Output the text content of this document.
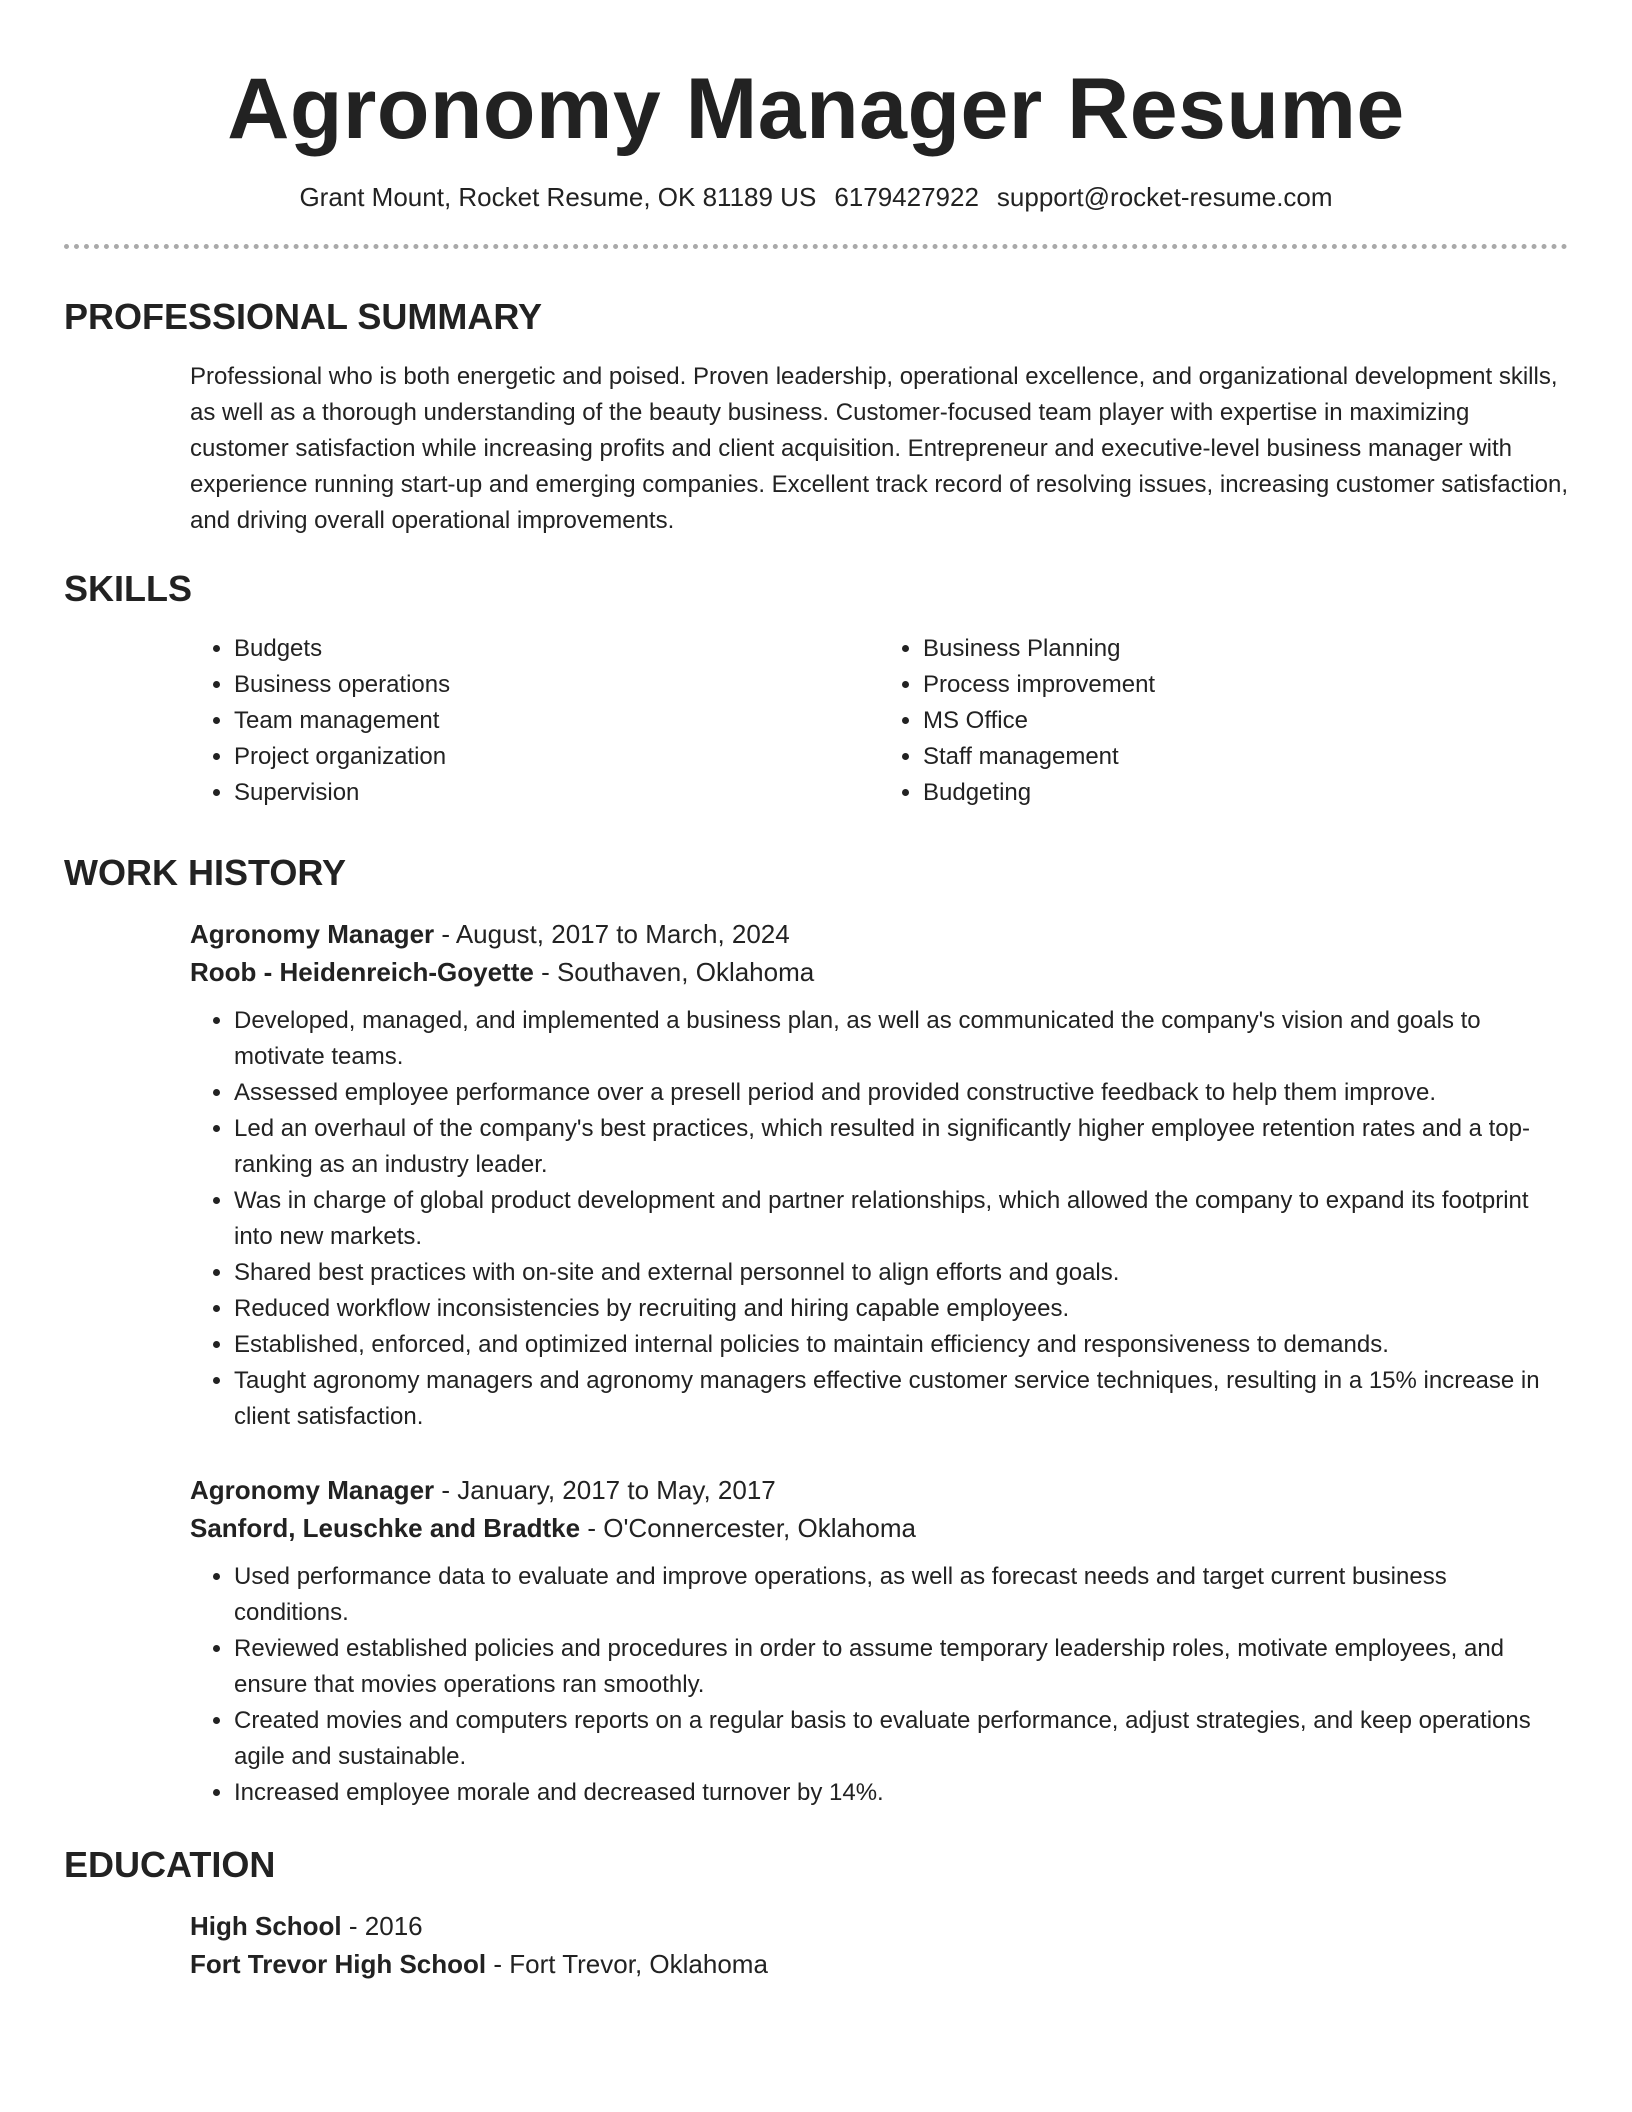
Agronomy Manager Resume
Grant Mount, Rocket Resume, OK 81189 US 6179427922 support@rocket-resume.com
PROFESSIONAL SUMMARY
Professional who is both energetic and poised. Proven leadership, operational excellence, and organizational development skills, as well as a thorough understanding of the beauty business. Customer-focused team player with expertise in maximizing customer satisfaction while increasing profits and client acquisition. Entrepreneur and executive-level business manager with experience running start-up and emerging companies. Excellent track record of resolving issues, increasing customer satisfaction, and driving overall operational improvements.
SKILLS
• Budgets
• Business operations
• Team management
• Project organization
• Supervision
• Business Planning
• Process improvement
• MS Office
• Staff management
• Budgeting
WORK HISTORY
Agronomy Manager - August, 2017 to March, 2024
Roob - Heidenreich-Goyette - Southaven, Oklahoma
• Developed, managed, and implemented a business plan, as well as communicated the company's vision and goals to motivate teams.
• Assessed employee performance over a presell period and provided constructive feedback to help them improve.
• Led an overhaul of the company's best practices, which resulted in significantly higher employee retention rates and a top-ranking as an industry leader.
• Was in charge of global product development and partner relationships, which allowed the company to expand its footprint into new markets.
• Shared best practices with on-site and external personnel to align efforts and goals.
• Reduced workflow inconsistencies by recruiting and hiring capable employees.
• Established, enforced, and optimized internal policies to maintain efficiency and responsiveness to demands.
• Taught agronomy managers and agronomy managers effective customer service techniques, resulting in a 15% increase in client satisfaction.
Agronomy Manager - January, 2017 to May, 2017
Sanford, Leuschke and Bradtke - O'Connercester, Oklahoma
• Used performance data to evaluate and improve operations, as well as forecast needs and target current business conditions.
• Reviewed established policies and procedures in order to assume temporary leadership roles, motivate employees, and ensure that movies operations ran smoothly.
• Created movies and computers reports on a regular basis to evaluate performance, adjust strategies, and keep operations agile and sustainable.
• Increased employee morale and decreased turnover by 14%.
EDUCATION
High School - 2016
Fort Trevor High School - Fort Trevor, Oklahoma
